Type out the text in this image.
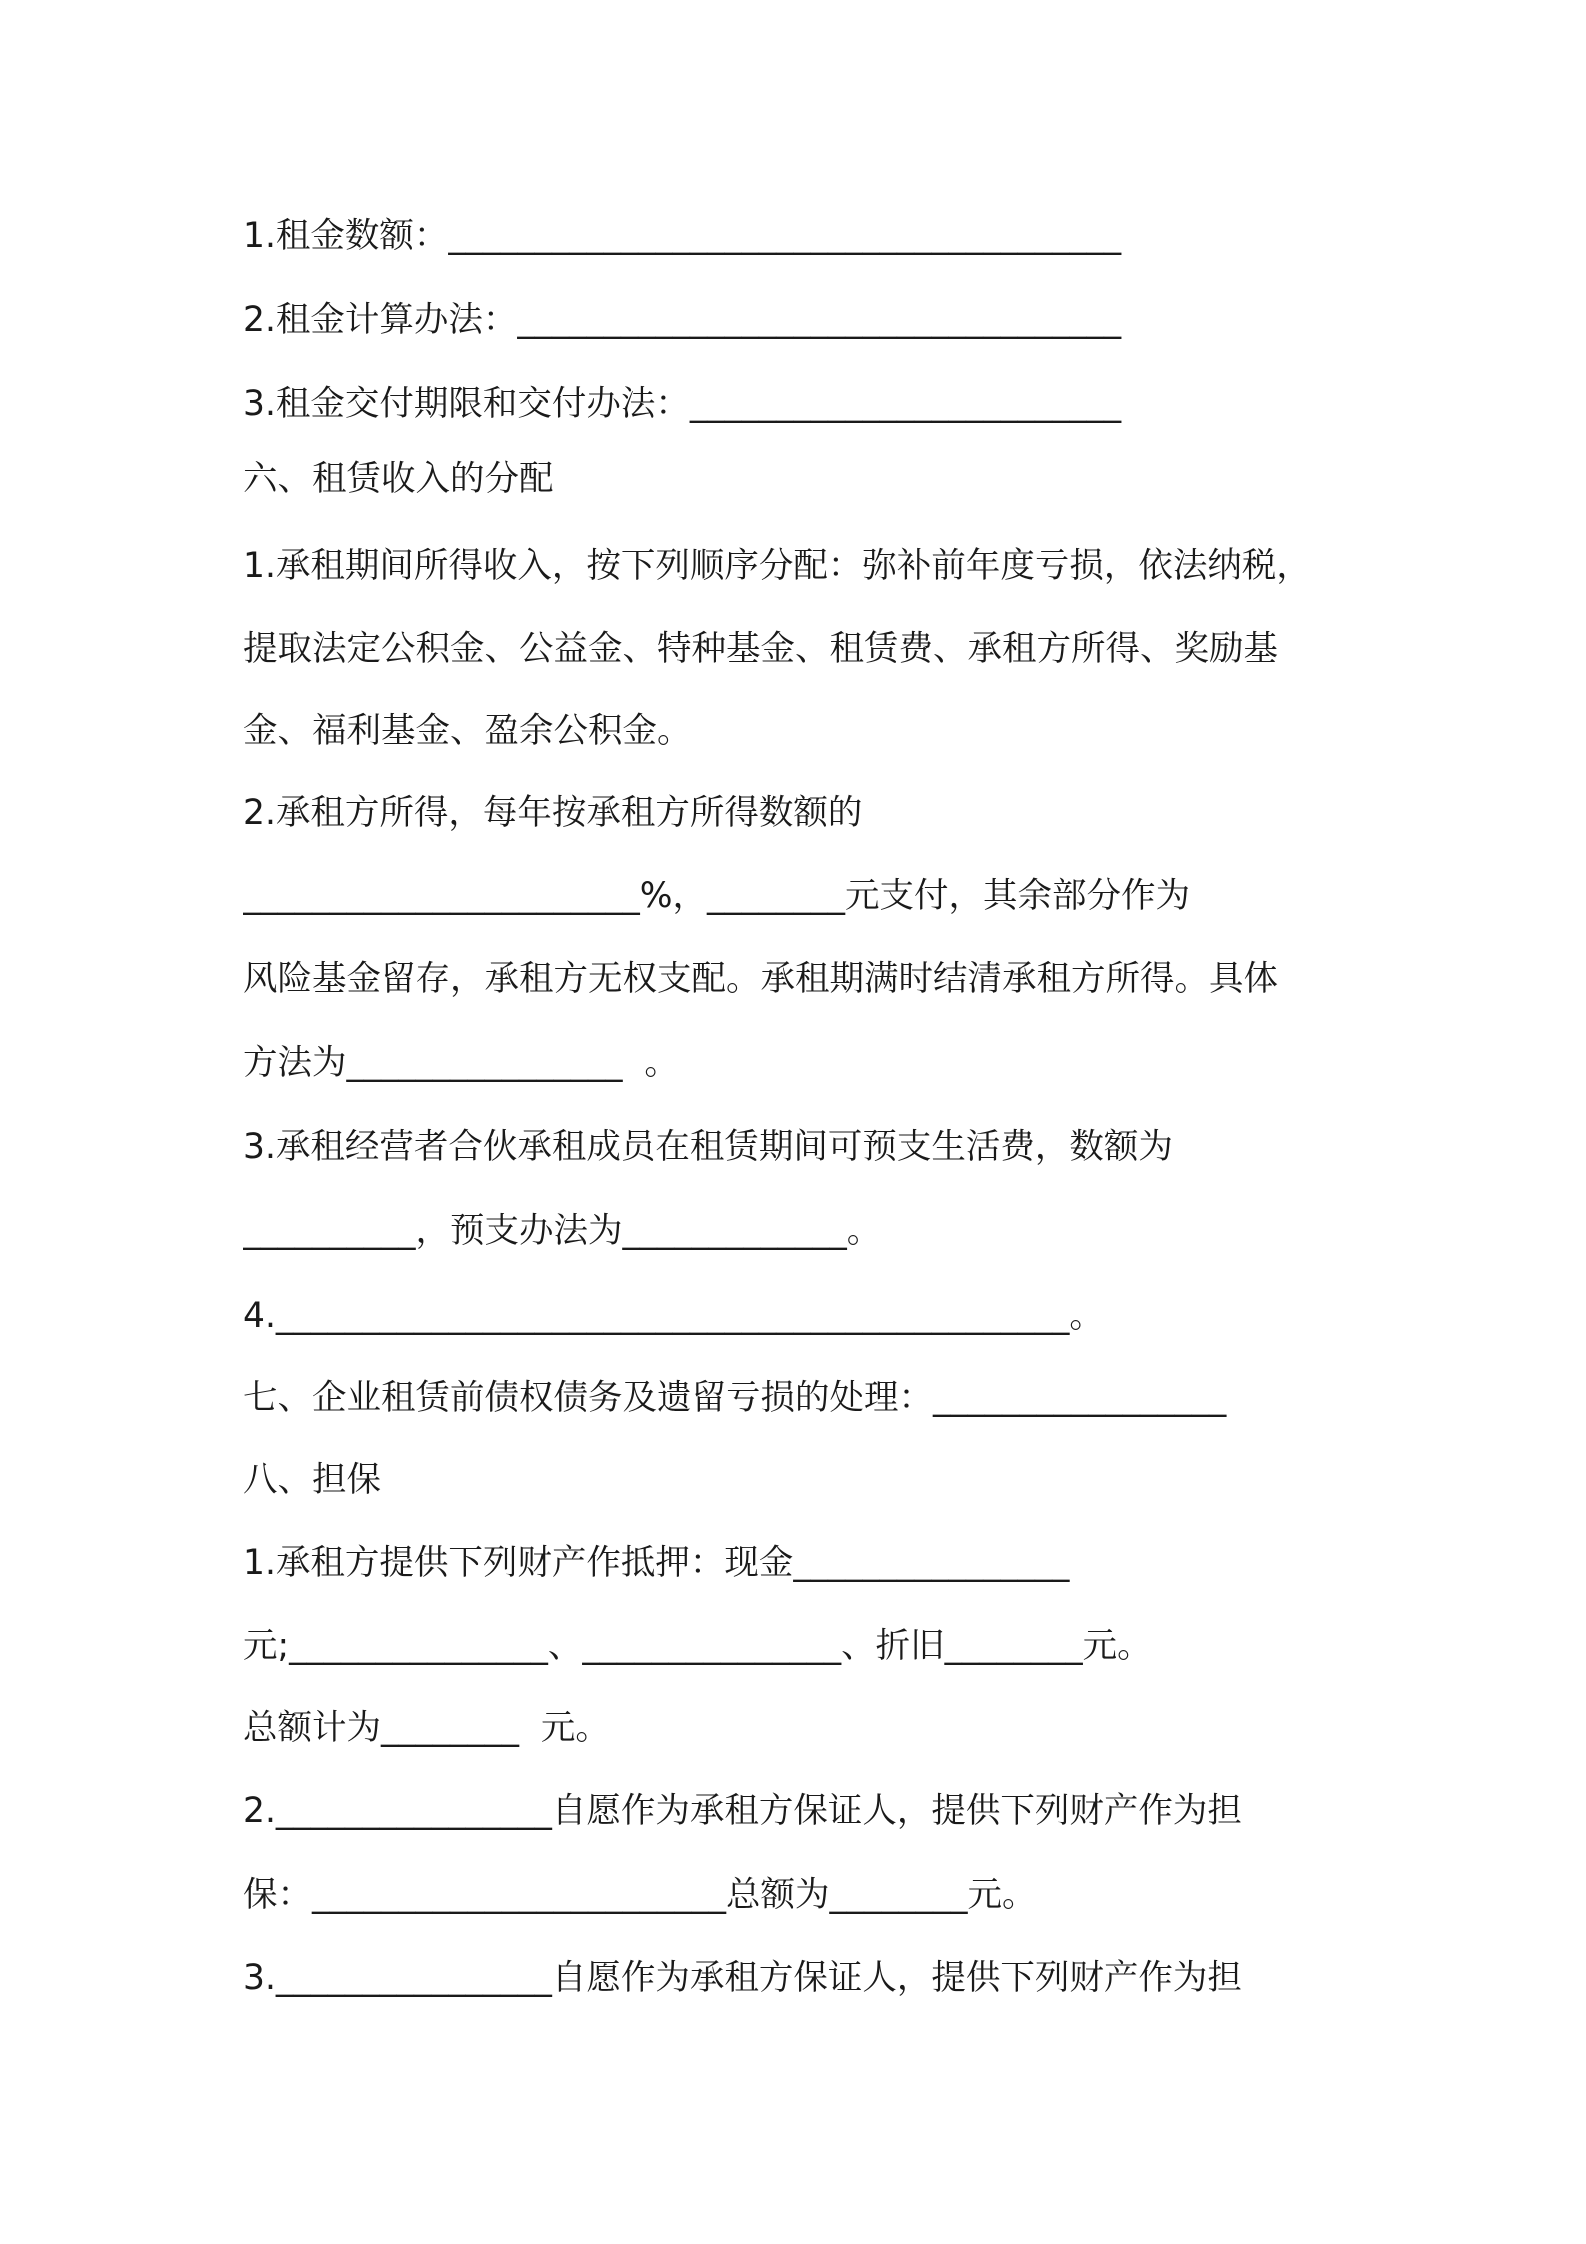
1.租金数额：_______________________________________

2.租金计算办法：___________________________________

3.租金交付期限和交付办法：_________________________

六、租赁收入的分配

1.承租期间所得收入，按下列顺序分配：弥补前年度亏损，依法纳税，

提取法定公积金、公益金、特种基金、租赁费、承租方所得、奖励基

金、福利基金、盈余公积金。

2.承租方所得，每年按承租方所得数额的

_______________________%，________元支付，其余部分作为

风险基金留存，承租方无权支配。承租期满时结清承租方所得。具体

方法为________________  。

3.承租经营者合伙承租成员在租赁期间可预支生活费，数额为

__________，预支办法为_____________。

4.______________________________________________。

七、企业租赁前债权债务及遗留亏损的处理：_________________

八、担保

1.承租方提供下列财产作抵押：现金________________

元;_______________、_______________、折旧________元。

总额计为________  元。

2.________________自愿作为承租方保证人，提供下列财产作为担

保：________________________总额为________元。

3.________________自愿作为承租方保证人，提供下列财产作为担
